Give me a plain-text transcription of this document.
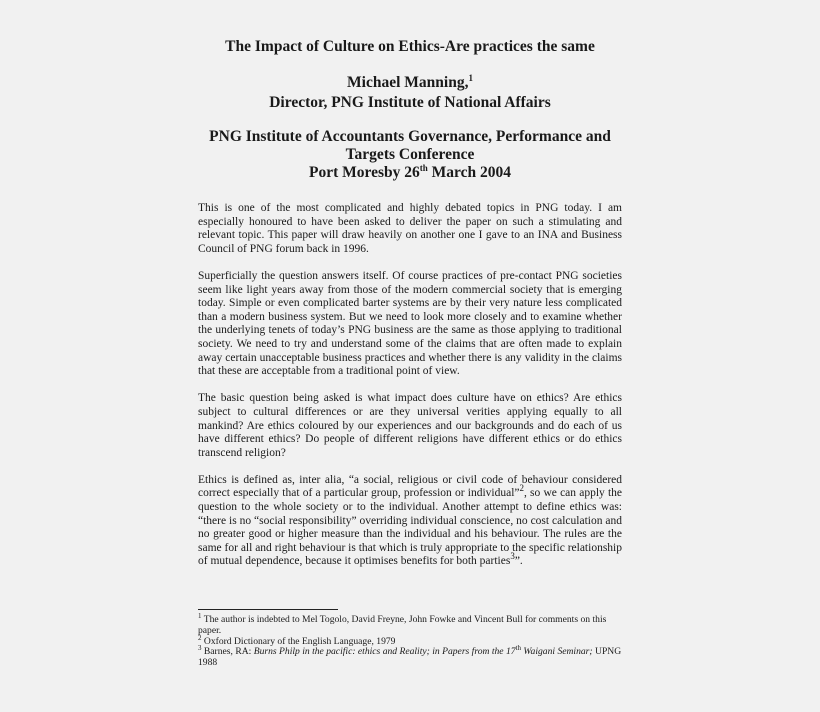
The Impact of Culture on Ethics-Are practices the same
Michael Manning,$^1$
Director, PNG Institute of National Affairs
PNG Institute of Accountants Governance, Performance and
Targets Conference
Port Moresby 26th March 2004

This is one of the most complicated and highly debated topics in PNG today. I am especially honoured to have been asked to deliver the paper on such a stimulating and relevant topic. This paper will draw heavily on another one I gave to an INA and Business Council of PNG forum back in 1996.

Superficially the question answers itself. Of course practices of pre-contact PNG societies seem like light years away from those of the modern commercial society that is emerging today. Simple or even complicated barter systems are by their very nature less complicated than a modern business system. But we need to look more closely and to examine whether the underlying tenets of today’s PNG business are the same as those applying to traditional society. We need to try and understand some of the claims that are often made to explain away certain unacceptable business practices and whether there is any validity in the claims that these are acceptable from a traditional point of view.

The basic question being asked is what impact does culture have on ethics? Are ethics subject to cultural differences or are they universal verities applying equally to all mankind? Are ethics coloured by our experiences and our backgrounds and do each of us have different ethics? Do people of different religions have different ethics or do ethics transcend religion?

Ethics is defined as, inter alia, “a social, religious or civil code of behaviour considered correct especially that of a particular group, profession or individual”$^2$, so we can apply the question to the whole society or to the individual. Another attempt to define ethics was: “there is no “social responsibility” overriding individual conscience, no cost calculation and no greater good or higher measure than the individual and his behaviour. The rules are the same for all and right behaviour is that which is truly appropriate to the specific relationship of mutual dependence, because it optimises benefits for both parties$^3$”.

$^1$ The author is indebted to Mel Togolo, David Freyne, John Fowke and Vincent Bull for comments on this paper.
$^2$ Oxford Dictionary of the English Language, 1979
$^3$ Barnes, RA: Burns Philp in the pacific: ethics and Reality; in Papers from the 17th Waigani Seminar; UPNG 1988
